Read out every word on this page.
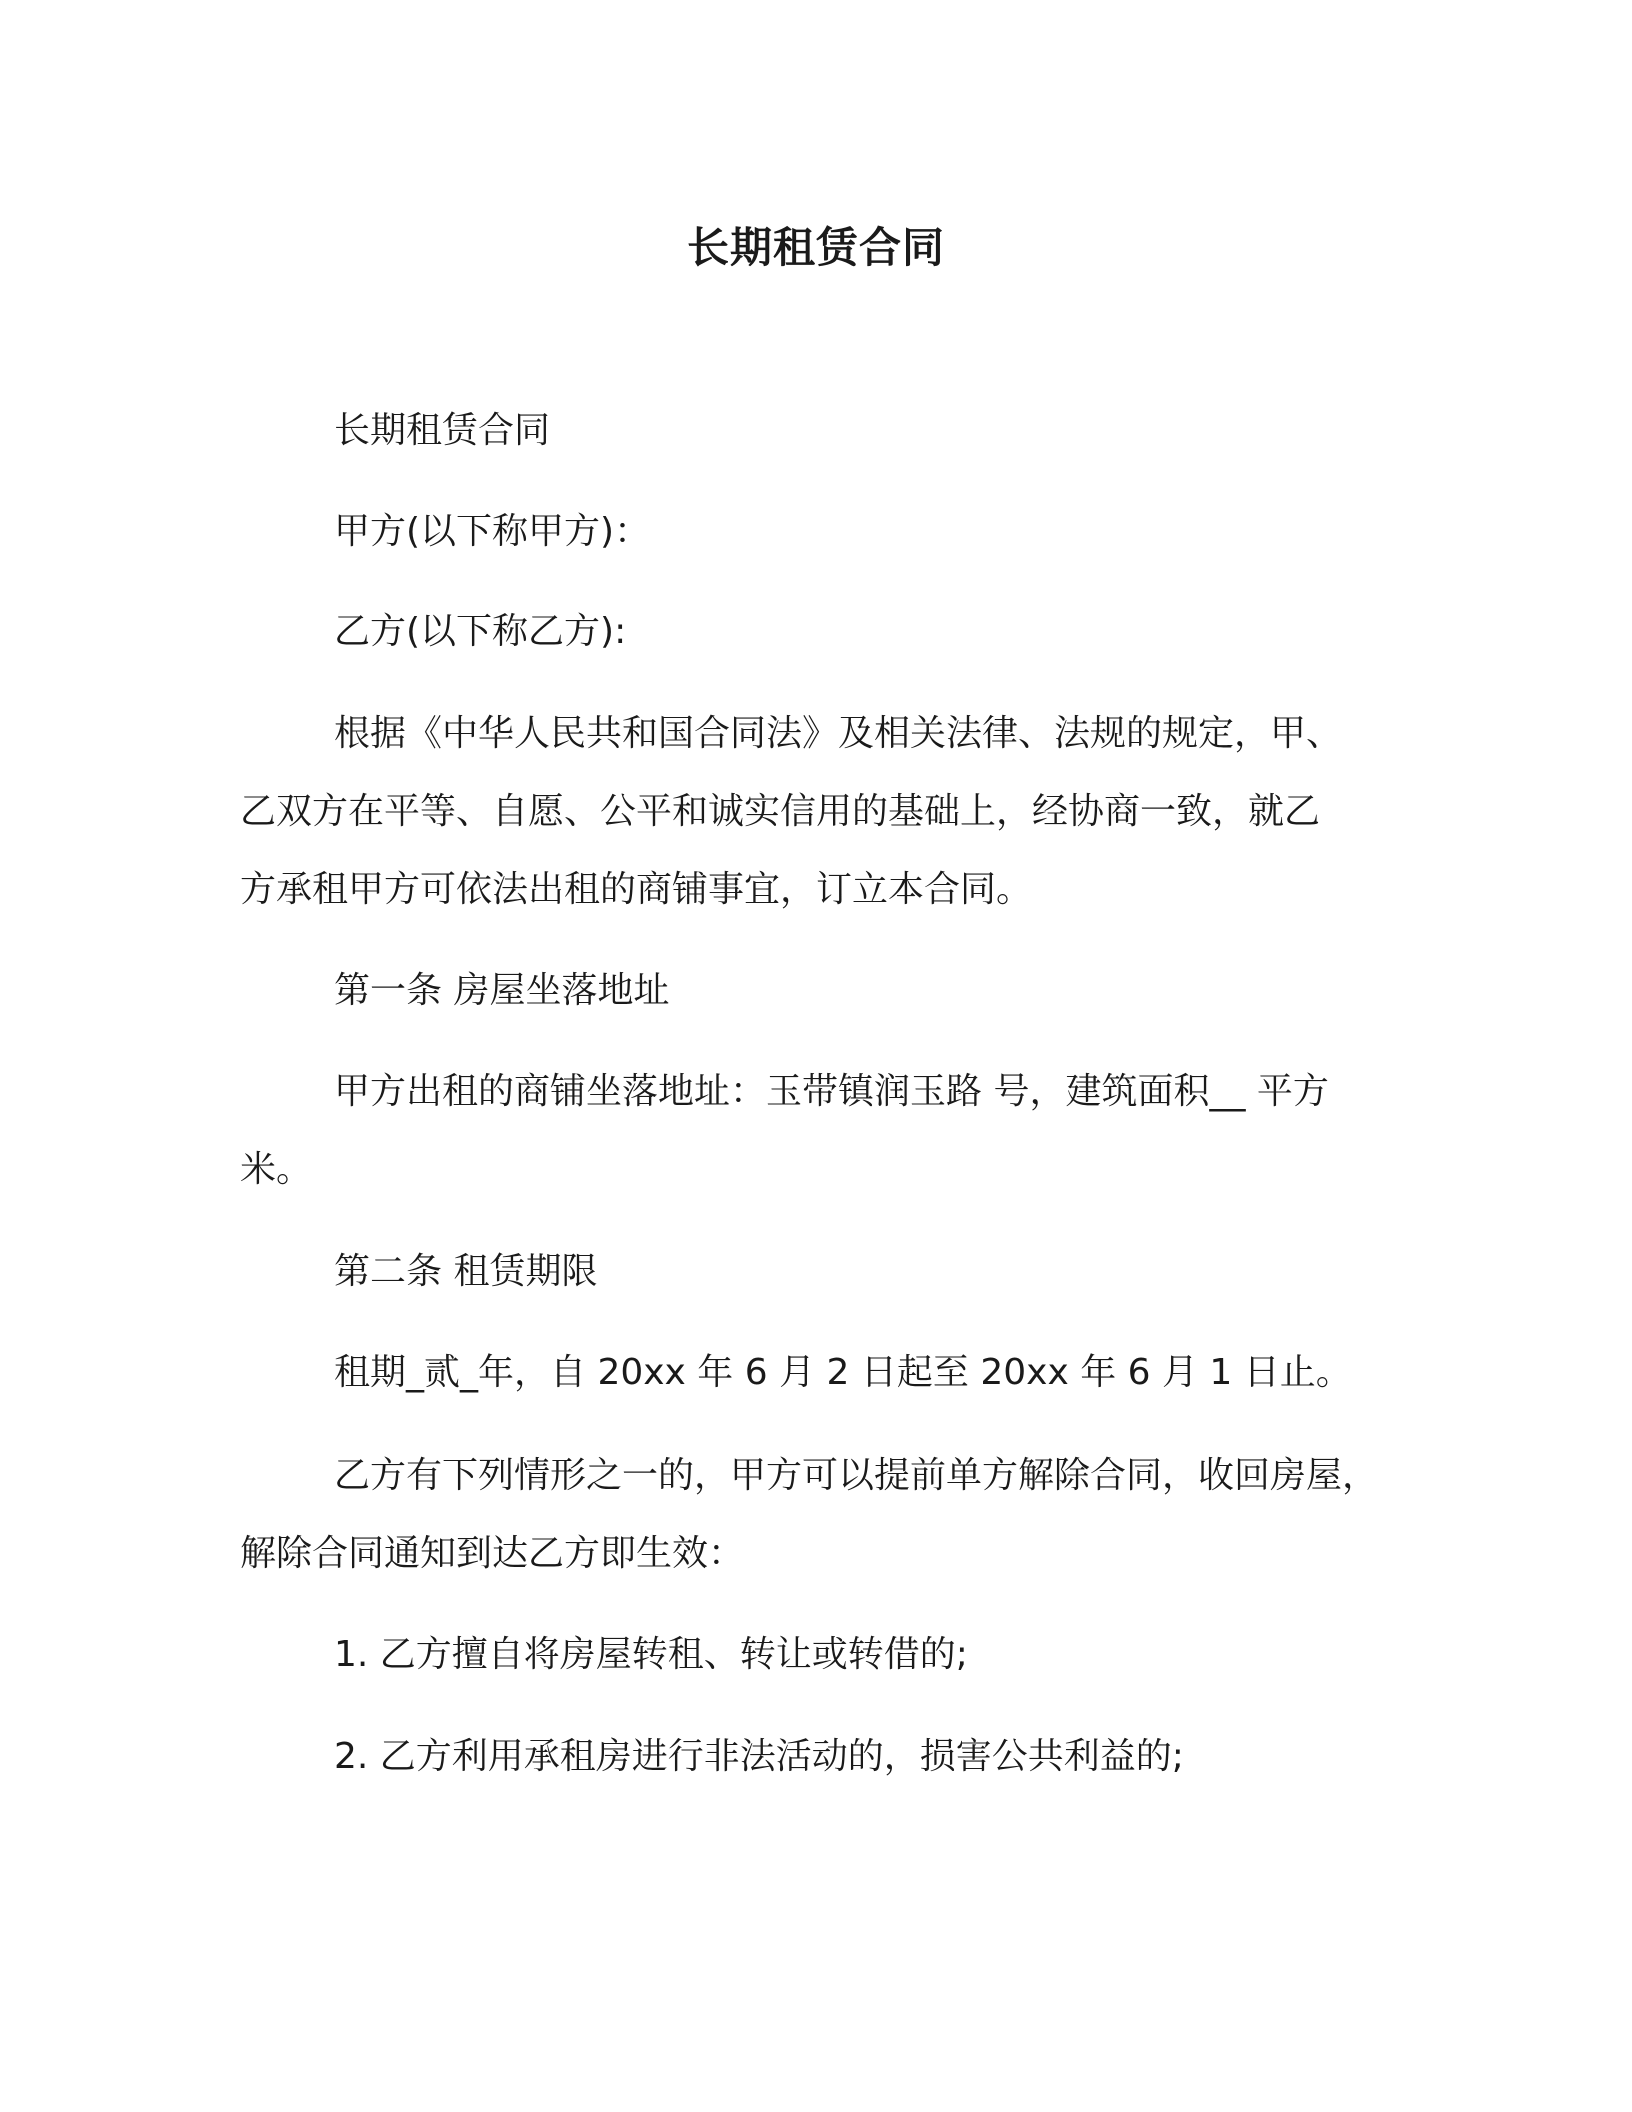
长期租赁合同

长期租赁合同

甲方(以下称甲方)：

乙方(以下称乙方):

根据《中华人民共和国合同法》及相关法律、法规的规定，甲、

乙双方在平等、自愿、公平和诚实信用的基础上，经协商一致，就乙

方承租甲方可依法出租的商铺事宜，订立本合同。

第一条 房屋坐落地址

甲方出租的商铺坐落地址：玉带镇润玉路 号，建筑面积__ 平方

米。

第二条 租赁期限

租期_贰_年，自 20xx 年 6 月 2 日起至 20xx 年 6 月 1 日止。

乙方有下列情形之一的，甲方可以提前单方解除合同，收回房屋，

解除合同通知到达乙方即生效：

1. 乙方擅自将房屋转租、转让或转借的;

2. 乙方利用承租房进行非法活动的，损害公共利益的;
